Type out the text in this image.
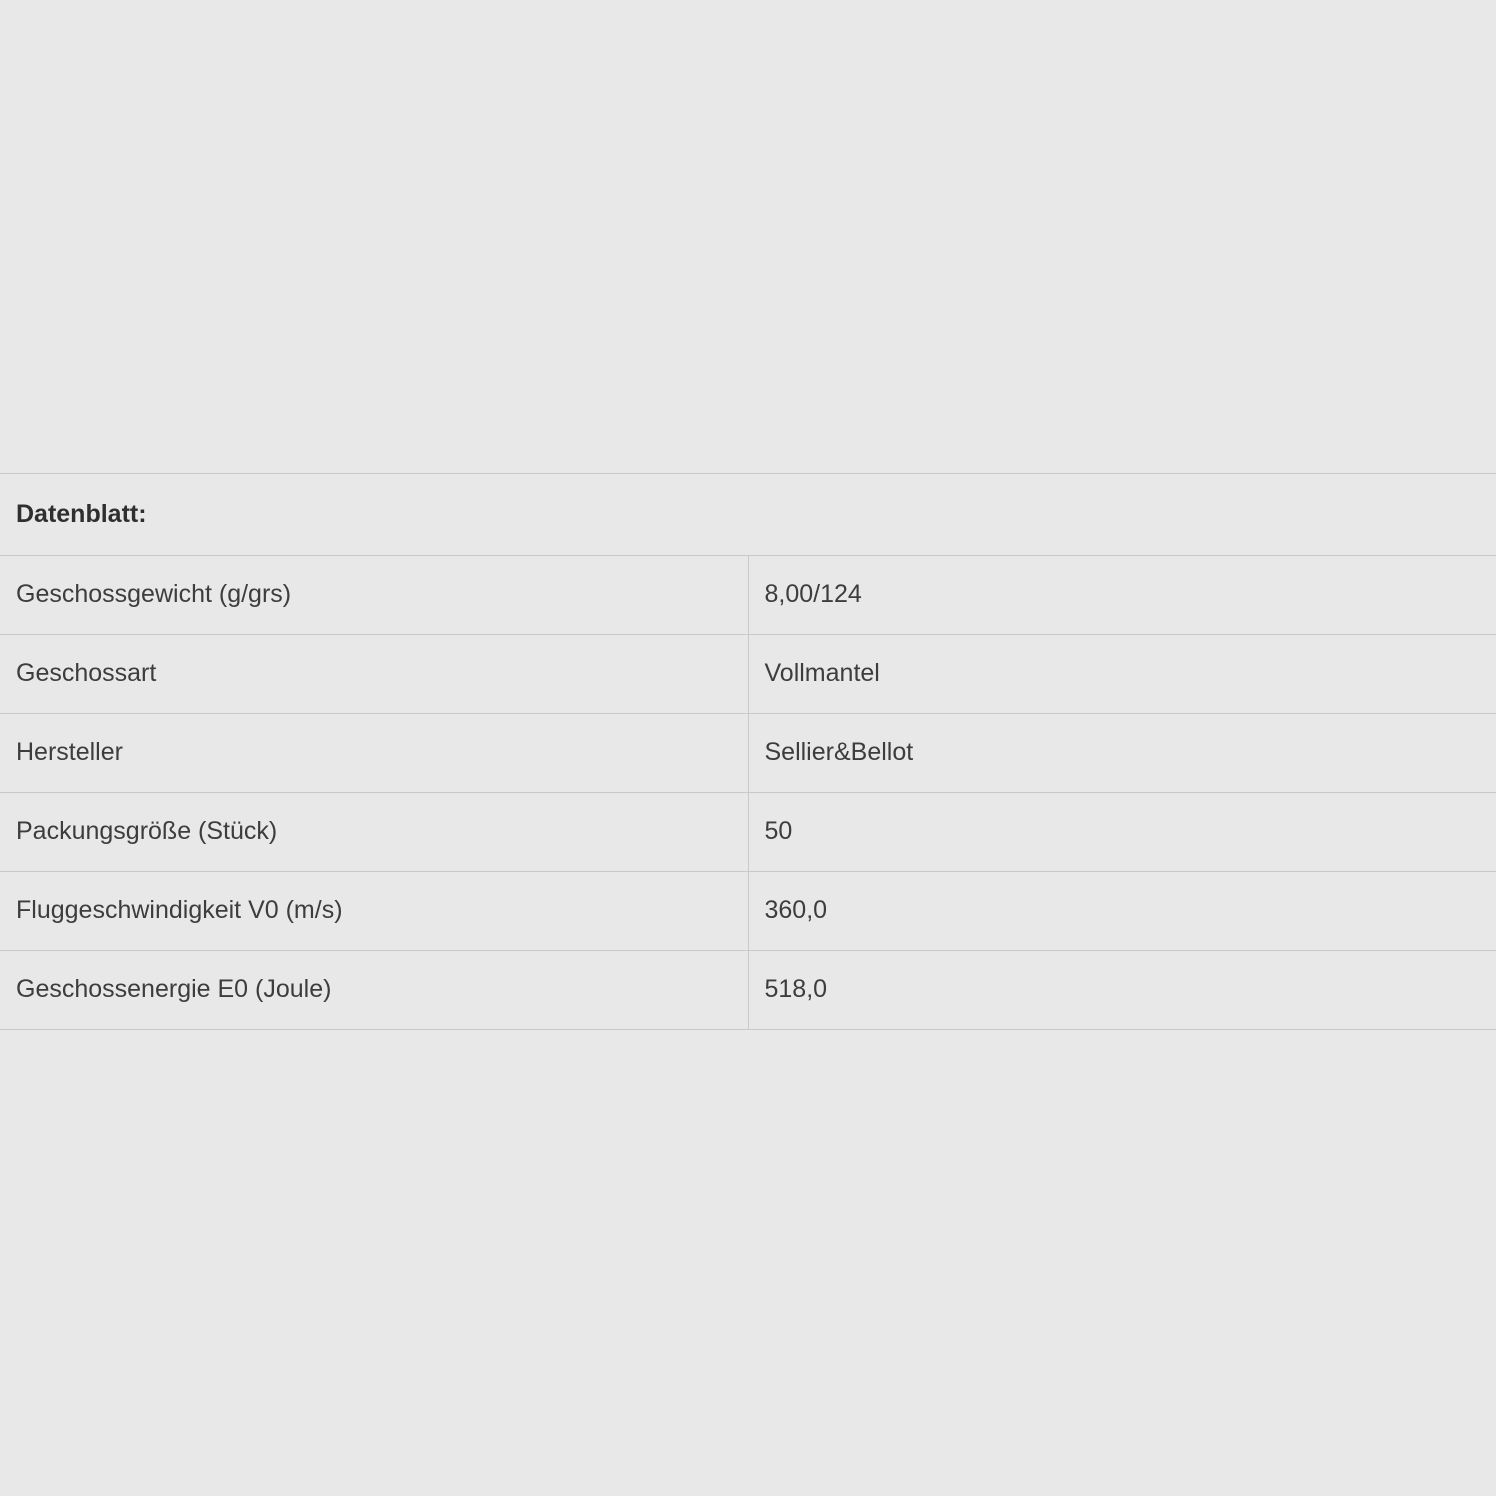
Datenblatt:	
Geschossgewicht (g/grs)	8,00/124
Geschossart	Vollmantel
Hersteller	Sellier&Bellot
Packungsgröße (Stück)	50
Fluggeschwindigkeit V0 (m/s)	360,0
Geschossenergie E0 (Joule)	518,0
